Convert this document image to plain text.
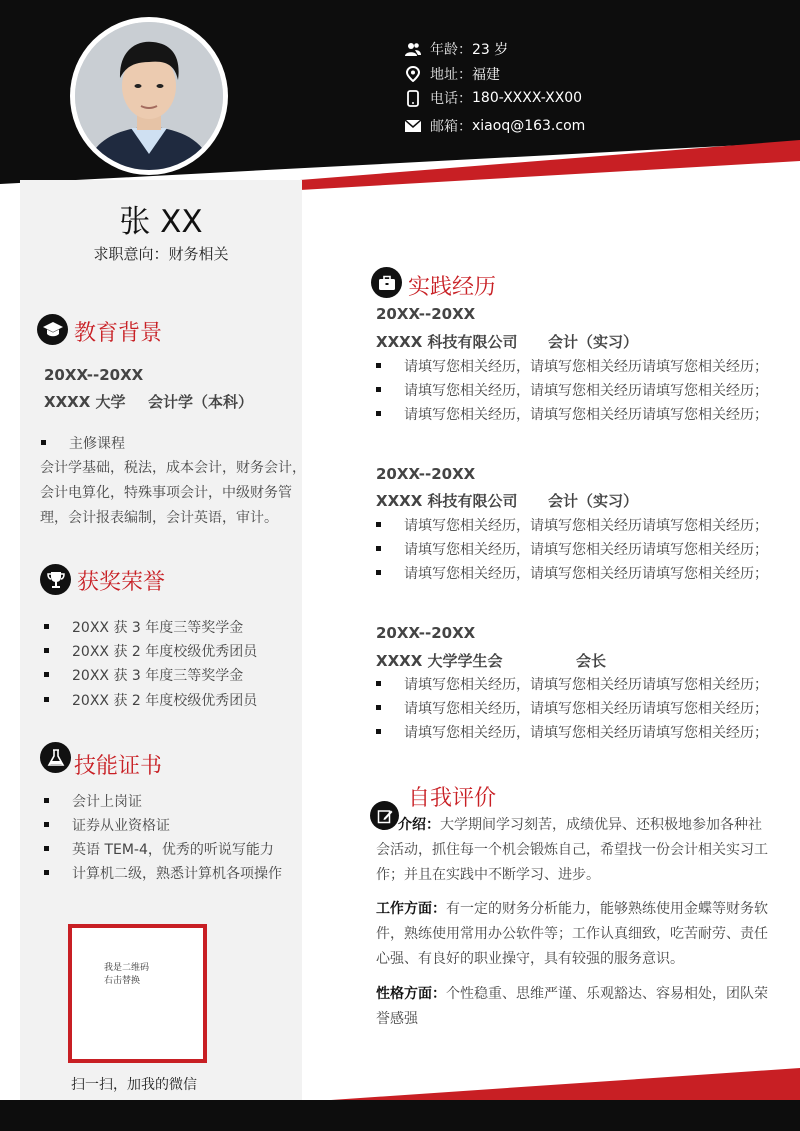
年龄： 23 岁
地址： 福建
电话： 180-XXXX-XX00
邮箱： xiaoq@163.com
张 XX
求职意向：财务相关
教育背景
20XX--20XX
XXXX 大学 会计学（本科）
主修课程
会计学基础，税法，成本会计，财务会计，
会计电算化，特殊事项会计，中级财务管
理，会计报表编制，会计英语，审计。
获奖荣誉
20XX 获 3 年度三等奖学金
20XX 获 2 年度校级优秀团员
20XX 获 3 年度三等奖学金
20XX 获 2 年度校级优秀团员
技能证书
会计上岗证
证券从业资格证
英语 TEM-4，优秀的听说写能力
计算机二级，熟悉计算机各项操作
我是二维码
右击替换
扫一扫，加我的微信
实践经历
20XX--20XX
XXXX 科技有限公司 会计（实习）
请填写您相关经历，请填写您相关经历请填写您相关经历；
请填写您相关经历，请填写您相关经历请填写您相关经历；
请填写您相关经历，请填写您相关经历请填写您相关经历；
20XX--20XX
XXXX 科技有限公司 会计（实习）
请填写您相关经历，请填写您相关经历请填写您相关经历；
请填写您相关经历，请填写您相关经历请填写您相关经历；
请填写您相关经历，请填写您相关经历请填写您相关经历；
20XX--20XX
XXXX 大学学生会	会长
请填写您相关经历，请填写您相关经历请填写您相关经历；
请填写您相关经历，请填写您相关经历请填写您相关经历；
请填写您相关经历，请填写您相关经历请填写您相关经历；
自我评价
介绍：大学期间学习刻苦，成绩优异、还积极地参加各种社会活动，抓住每一个机会锻炼自己，希望找一份会计相关实习工作；并且在实践中不断学习、进步。
工作方面：有一定的财务分析能力，能够熟练使用金蝶等财务软件，熟练使用常用办公软件等；工作认真细致，吃苦耐劳、责任心强、有良好的职业操守，具有较强的服务意识。
性格方面：个性稳重、思维严谨、乐观豁达、容易相处，团队荣誉感强
